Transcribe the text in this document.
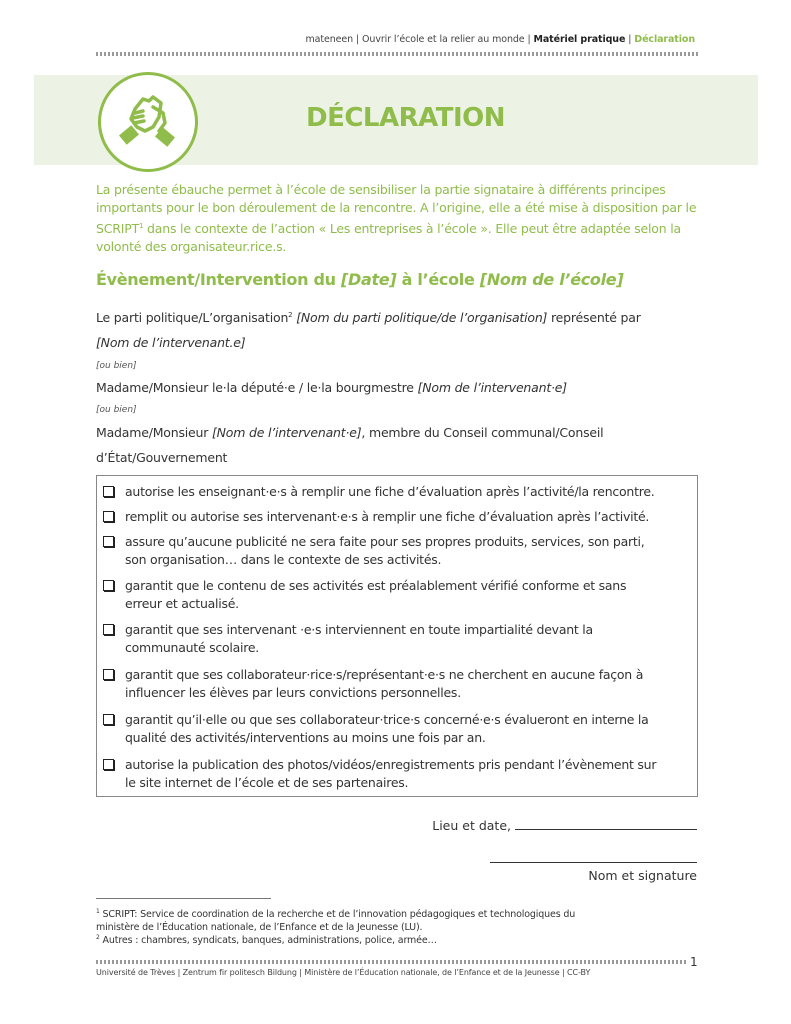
mateneen | Ouvrir l’école et la relier au monde | Matériel pratique | Déclaration
DÉCLARATION
La présente ébauche permet à l’école de sensibiliser la partie signataire à différents principes importants pour le bon déroulement de la rencontre. A l’origine, elle a été mise à disposition par le SCRIPT$^1$ dans le contexte de l’action « Les entreprises à l’école ». Elle peut être adaptée selon la volonté des organisateur.rice.s.
Évènement/Intervention du [Date] à l’école [Nom de l’école]
Le parti politique/L’organisation$^2$ [Nom du parti politique/de l’organisation] représenté par
[Nom de l’intervenant.e]
[ou bien]
Madame/Monsieur le·la député·e / le·la bourgmestre [Nom de l’intervenant·e]
[ou bien]
Madame/Monsieur [Nom de l’intervenant·e], membre du Conseil communal/Conseil
d’État/Gouvernement
autorise les enseignant·e·s à remplir une fiche d’évaluation après l’activité/la rencontre.
remplit ou autorise ses intervenant·e·s à remplir une fiche d’évaluation après l’activité.
assure qu’aucune publicité ne sera faite pour ses propres produits, services, son parti,
son organisation… dans le contexte de ses activités.
garantit que le contenu de ses activités est préalablement vérifié conforme et sans
erreur et actualisé.
garantit que ses intervenant ·e·s interviennent en toute impartialité devant la
communauté scolaire.
garantit que ses collaborateur·rice·s/représentant·e·s ne cherchent en aucune façon à
influencer les élèves par leurs convictions personnelles.
garantit qu’il·elle ou que ses collaborateur·trice·s concerné·e·s évalueront en interne la
qualité des activités/interventions au moins une fois par an.
autorise la publication des photos/vidéos/enregistrements pris pendant l’évènement sur
le site internet de l’école et de ses partenaires.
Lieu et date,
Nom et signature
$^1$ SCRIPT: Service de coordination de la recherche et de l’innovation pédagogiques et technologiques du
ministère de l’Éducation nationale, de l’Enfance et de la Jeunesse (LU).
$^2$ Autres : chambres, syndicats, banques, administrations, police, armée…
1
Université de Trèves | Zentrum fir politesch Bildung | Ministère de l’Éducation nationale, de l’Enfance et de la Jeunesse | CC-BY
